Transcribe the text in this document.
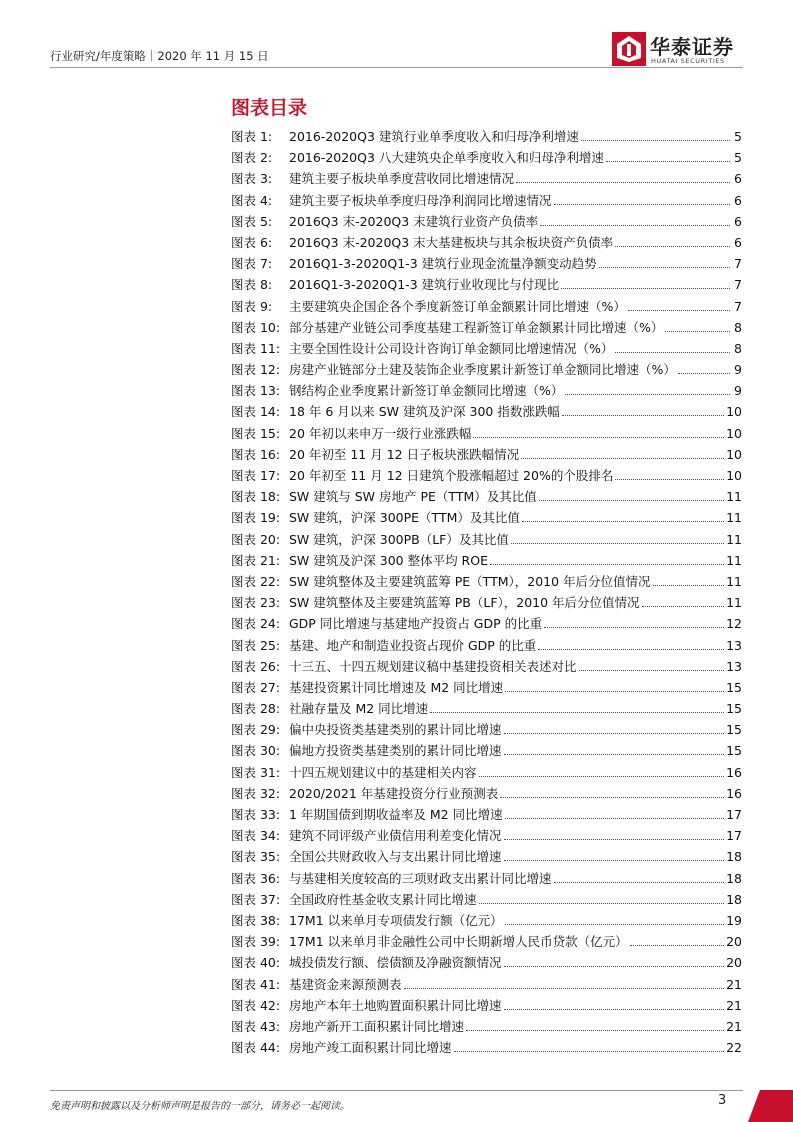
行业研究/年度策略｜2020 年 11 月 15 日	华泰证券
HUATAI SECURITIES
图表目录
图表 1:	2016-2020Q3 建筑行业单季度收入和归母净利增速	5
图表 2:	2016-2020Q3 八大建筑央企单季度收入和归母净利增速	5
图表 3:	建筑主要子板块单季度营收同比增速情况	6
图表 4:	建筑主要子板块单季度归母净利润同比增速情况	6
图表 5:	2016Q3 末-2020Q3 末建筑行业资产负债率	6
图表 6:	2016Q3 末-2020Q3 末大基建板块与其余板块资产负债率	6
图表 7:	2016Q1-3-2020Q1-3 建筑行业现金流量净额变动趋势	7
图表 8:	2016Q1-3-2020Q1-3 建筑行业收现比与付现比	7
图表 9:	主要建筑央企国企各个季度新签订单金额累计同比增速（%）	7
图表 10: 部分基建产业链公司季度基建工程新签订单金额累计同比增速（%）	8
图表 11: 主要全国性设计公司设计咨询订单金额同比增速情况（%）	8
图表 12: 房建产业链部分土建及装饰企业季度累计新签订单金额同比增速（%）	9
图表 13: 钢结构企业季度累计新签订单金额同比增速（%）	9
图表 14: 18 年 6 月以来 SW 建筑及沪深 300 指数涨跌幅	10
图表 15: 20 年初以来申万一级行业涨跌幅	10
图表 16: 20 年初至 11 月 12 日子板块涨跌幅情况	10
图表 17: 20 年初至 11 月 12 日建筑个股涨幅超过 20%的个股排名	10
图表 18: SW 建筑与 SW 房地产 PE（TTM）及其比值	11
图表 19: SW 建筑，沪深 300PE（TTM）及其比值	11
图表 20: SW 建筑，沪深 300PB（LF）及其比值	11
图表 21: SW 建筑及沪深 300 整体平均 ROE	11
图表 22: SW 建筑整体及主要建筑蓝筹 PE（TTM），2010 年后分位值情况	11
图表 23: SW 建筑整体及主要建筑蓝筹 PB（LF），2010 年后分位值情况	11
图表 24: GDP 同比增速与基建地产投资占 GDP 的比重	12
图表 25: 基建、地产和制造业投资占现价 GDP 的比重	13
图表 26: 十三五、十四五规划建议稿中基建投资相关表述对比	13
图表 27: 基建投资累计同比增速及 M2 同比增速	15
图表 28: 社融存量及 M2 同比增速	15
图表 29: 偏中央投资类基建类别的累计同比增速	15
图表 30: 偏地方投资类基建类别的累计同比增速	15
图表 31: 十四五规划建议中的基建相关内容	16
图表 32: 2020/2021 年基建投资分行业预测表	16
图表 33: 1 年期国债到期收益率及 M2 同比增速	17
图表 34: 建筑不同评级产业债信用利差变化情况	17
图表 35: 全国公共财政收入与支出累计同比增速	18
图表 36: 与基建相关度较高的三项财政支出累计同比增速	18
图表 37: 全国政府性基金收支累计同比增速	18
图表 38: 17M1 以来单月专项债发行额（亿元）	19
图表 39: 17M1 以来单月非金融性公司中长期新增人民币贷款（亿元）	20
图表 40: 城投债发行额、偿债额及净融资额情况	20
图表 41: 基建资金来源预测表	21
图表 42: 房地产本年土地购置面积累计同比增速	21
图表 43: 房地产新开工面积累计同比增速	21
图表 44: 房地产竣工面积累计同比增速	22
免责声明和披露以及分析师声明是报告的一部分，请务必一起阅读。	3
